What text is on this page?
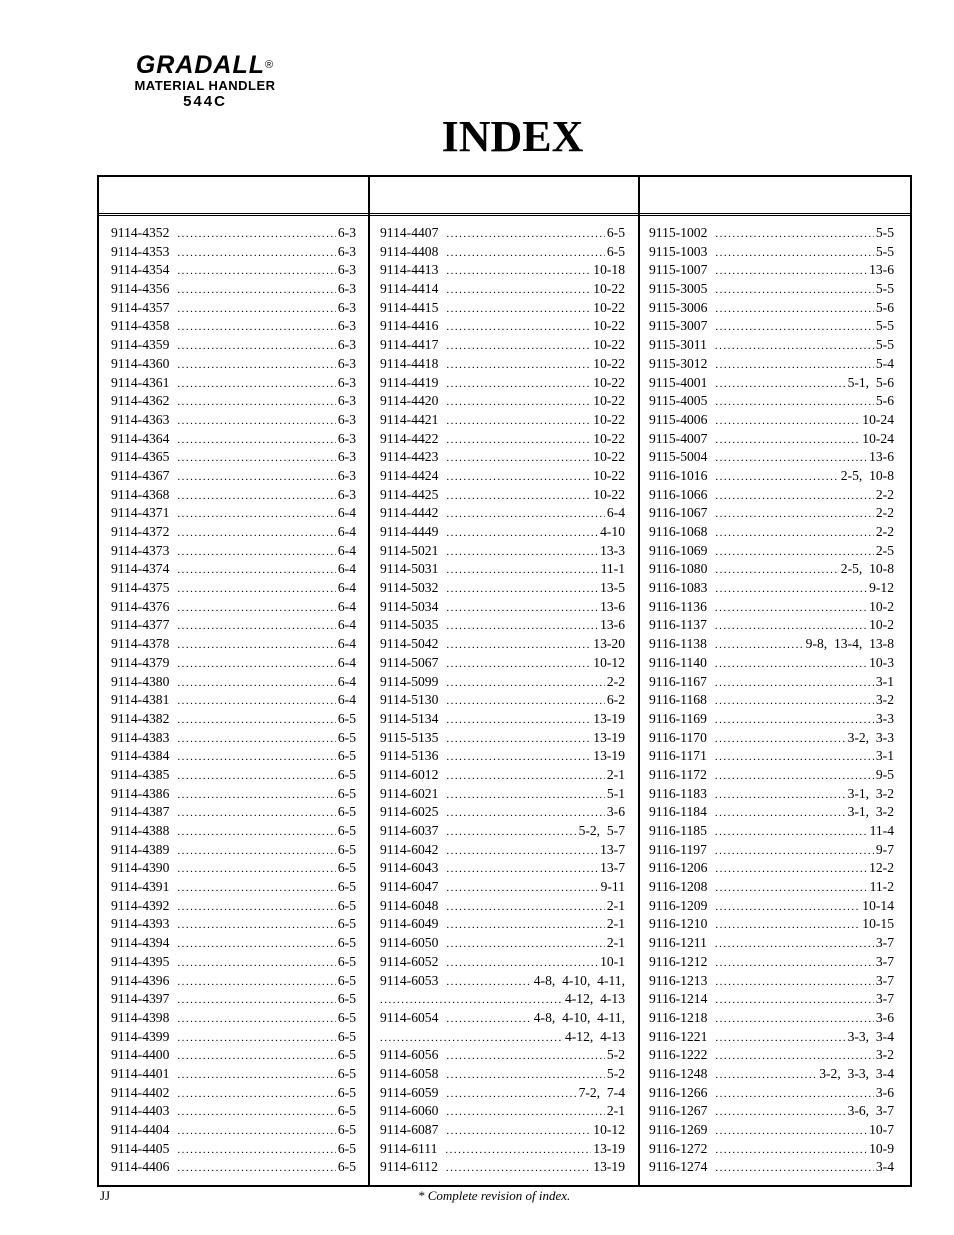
GRADALL®
MATERIAL HANDLER
544C
INDEX
9114-4352 .....	6-3
9114-4353 .....	6-3
9114-4354 .....	6-3
9114-4356 .....	6-3
9114-4357 .....	6-3
9114-4358 .....	6-3
9114-4359 .....	6-3
9114-4360 .....	6-3
9114-4361 .....	6-3
9114-4362 .....	6-3
9114-4363 .....	6-3
9114-4364 .....	6-3
9114-4365 .....	6-3
9114-4367 .....	6-3
9114-4368 .....	6-3
9114-4371 .....	6-4
9114-4372 .....	6-4
9114-4373 .....	6-4
9114-4374 .....	6-4
9114-4375 .....	6-4
9114-4376 .....	6-4
9114-4377 .....	6-4
9114-4378 .....	6-4
9114-4379 .....	6-4
9114-4380 .....	6-4
9114-4381 .....	6-4
9114-4382 .....	6-5
9114-4383 .....	6-5
9114-4384 .....	6-5
9114-4385 .....	6-5
9114-4386 .....	6-5
9114-4387 .....	6-5
9114-4388 .....	6-5
9114-4389 .....	6-5
9114-4390 .....	6-5
9114-4391 .....	6-5
9114-4392 .....	6-5
9114-4393 .....	6-5
9114-4394 .....	6-5
9114-4395 .....	6-5
9114-4396 .....	6-5
9114-4397 .....	6-5
9114-4398 .....	6-5
9114-4399 .....	6-5
9114-4400 .....	6-5
9114-4401 .....	6-5
9114-4402 .....	6-5
9114-4403 .....	6-5
9114-4404 .....	6-5
9114-4405 .....	6-5
9114-4406 .....	6-5
9114-4407 .....	6-5
9114-4408 .....	6-5
9114-4413 .....	10-18
9114-4414 .....	10-22
9114-4415 .....	10-22
9114-4416 .....	10-22
9114-4417 .....	10-22
9114-4418 .....	10-22
9114-4419 .....	10-22
9114-4420 .....	10-22
9114-4421 .....	10-22
9114-4422 .....	10-22
9114-4423 .....	10-22
9114-4424 .....	10-22
9114-4425 .....	10-22
9114-4442 .....	6-4
9114-4449 .....	4-10
9114-5021 .....	13-3
9114-5031 .....	11-1
9114-5032 .....	13-5
9114-5034 .....	13-6
9114-5035 .....	13-6
9114-5042 .....	13-20
9114-5067 .....	10-12
9114-5099 .....	2-2
9114-5130 .....	6-2
9114-5134 .....	13-19
9115-5135 .....	13-19
9114-5136 .....	13-19
9114-6012 .....	2-1
9114-6021 .....	5-1
9114-6025 .....	3-6
9114-6037 .....	5-2,  5-7
9114-6042 .....	13-7
9114-6043 .....	13-7
9114-6047 .....	9-11
9114-6048 .....	2-1
9114-6049 .....	2-1
9114-6050 .....	2-1
9114-6052 .....	10-1
9114-6053 .....	4-8,  4-10,  4-11,
.....
4-12,  4-13
9114-6054 .....	4-8,  4-10,  4-11,
.....
4-12,  4-13
9114-6056 .....	5-2
9114-6058 .....	5-2
9114-6059 .....	7-2,  7-4
9114-6060 .....	2-1
9114-6087 .....	10-12
9114-6111 .....	13-19
9114-6112 .....	13-19
9115-1002 .....	5-5
9115-1003 .....	5-5
9115-1007 .....	13-6
9115-3005 .....	5-5
9115-3006 .....	5-6
9115-3007 .....	5-5
9115-3011 .....	5-5
9115-3012 .....	5-4
9115-4001 .....	5-1,  5-6
9115-4005 .....	5-6
9115-4006 .....	10-24
9115-4007 .....	10-24
9115-5004 .....	13-6
9116-1016 .....	2-5,  10-8
9116-1066 .....	2-2
9116-1067 .....	2-2
9116-1068 .....	2-2
9116-1069 .....	2-5
9116-1080 .....	2-5,  10-8
9116-1083 .....	9-12
9116-1136 .....	10-2
9116-1137 .....	10-2
9116-1138 .....	9-8,  13-4,  13-8
9116-1140 .....	10-3
9116-1167 .....	3-1
9116-1168 .....	3-2
9116-1169 .....	3-3
9116-1170 .....	3-2,  3-3
9116-1171 .....	3-1
9116-1172 .....	9-5
9116-1183 .....	3-1,  3-2
9116-1184 .....	3-1,  3-2
9116-1185 .....	11-4
9116-1197 .....	9-7
9116-1206 .....	12-2
9116-1208 .....	11-2
9116-1209 .....	10-14
9116-1210 .....	10-15
9116-1211 .....	3-7
9116-1212 .....	3-7
9116-1213 .....	3-7
9116-1214 .....	3-7
9116-1218 .....	3-6
9116-1221 .....	3-3,  3-4
9116-1222 .....	3-2
9116-1248 .....	3-2,  3-3,  3-4
9116-1266 .....	3-6
9116-1267 .....	3-6,  3-7
9116-1269 .....	10-7
9116-1272 .....	10-9
9116-1274 .....	3-4
JJ	* Complete revision of index.
